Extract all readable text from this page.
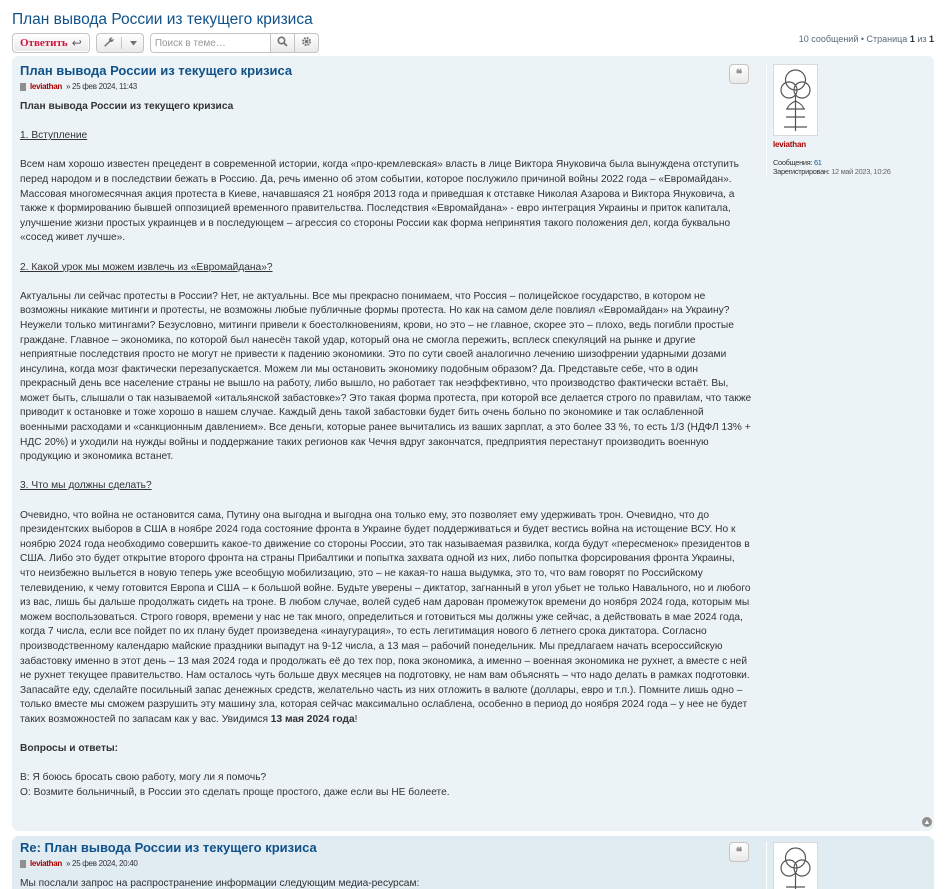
План вывода России из текущего кризиса
Ответить ↩
Поиск в теме…	10 сообщений • Страница 1 из 1
План вывода России из текущего кризиса
leviathan » 25 фев 2024, 11:43
❝

План вывода России из текущего кризиса

1. Вступление

Всем нам хорошо известен прецедент в современной истории, когда «про-кремлевская» власть в лице Виктора Януковича была вынуждена отступить перед народом и в последствии бежать в Россию. Да, речь именно об этом событии, которое послужило причиной войны 2022 года – «Евромайдан». Массовая многомесячная акция протеста в Киеве, начавшаяся 21 ноября 2013 года и приведшая к отставке Николая Азарова и Виктора Януковича, а также к формированию бывшей оппозицией временного правительства. Последствия «Евромайдана» - евро интеграция Украины и приток капитала, улучшение жизни простых украинцев и в последующем – агрессия со стороны России как форма непринятия такого положения дел, когда буквально «сосед живет лучше».

2. Какой урок мы можем извлечь из «Евромайдана»?

Актуальны ли сейчас протесты в России? Нет, не актуальны. Все мы прекрасно понимаем, что Россия – полицейское государство, в котором не возможны никакие митинги и протесты, не возможны любые публичные формы протеста. Но как на самом деле повлиял «Евромайдан» на Украину? Неужели только митингами? Безусловно, митинги привели к боестолкновениям, крови, но это – не главное, скорее это – плохо, ведь погибли простые граждане. Главное – экономика, по которой был нанесён такой удар, который она не смогла пережить, всплеск спекуляций на рынке и другие неприятные последствия просто не могут не привести к падению экономики. Это по сути своей аналогично лечению шизофрении ударными дозами инсулина, когда мозг фактически перезапускается. Можем ли мы остановить экономику подобным образом? Да. Представьте себе, что в один прекрасный день все население страны не вышло на работу, либо вышло, но работает так неэффективно, что производство фактически встаёт. Вы, может быть, слышали о так называемой «итальянской забастовке»? Это такая форма протеста, при которой все делается строго по правилам, что также приводит к остановке и тоже хорошо в нашем случае. Каждый день такой забастовки будет бить очень больно по экономике и так ослабленной военными расходами и «санкционным давлением». Все деньги, которые ранее вычитались из ваших зарплат, а это более 33 %, то есть 1/3 (НДФЛ 13% + НДС 20%) и уходили на нужды войны и поддержание таких регионов как Чечня вдруг закончатся, предприятия перестанут производить военную продукцию и экономика встанет.

3. Что мы должны сделать?

Очевидно, что война не остановится сама, Путину она выгодна и выгодна она только ему, это позволяет ему удерживать трон. Очевидно, что до президентских выборов в США в ноябре 2024 года состояние фронта в Украине будет поддерживаться и будет вестись война на истощение ВСУ. Но к ноябрю 2024 года необходимо совершить какое-то движение со стороны России, это так называемая развилка, когда будут «пересменок» президентов в США. Либо это будет открытие второго фронта на страны Прибалтики и попытка захвата одной из них, либо попытка форсирования фронта Украины, что неизбежно выльется в новую теперь уже всеобщую мобилизацию, это – не какая-то наша выдумка, это то, что вам говорят по Российскому телевидению, к чему готовится Европа и США – к большой войне. Будьте уверены – диктатор, загнанный в угол убьет не только Навального, но и любого из вас, лишь бы дальше продолжать сидеть на троне. В любом случае, волей судеб нам дарован промежуток времени до ноября 2024 года, которым мы можем воспользоваться. Строго говоря, времени у нас не так много, определиться и готовиться мы должны уже сейчас, а действовать в мае 2024 года, когда 7 числа, если все пойдет по их плану будет произведена «инаугурация», то есть легитимация нового 6 летнего срока диктатора. Согласно производственному календарю майские праздники выпадут на 9-12 числа, а 13 мая – рабочий понедельник. Мы предлагаем начать всероссийскую забастовку именно в этот день – 13 мая 2024 года и продолжать её до тех пор, пока экономика, а именно – военная экономика не рухнет, а вместе с ней не рухнет текущее правительство. Нам осталось чуть больше двух месяцев на подготовку, не нам вам объяснять – что надо делать в рамках подготовки. Запасайте еду, сделайте посильный запас денежных средств, желательно часть из них отложить в валюте (доллары, евро и т.п.). Помните лишь одно – только вместе мы сможем разрушить эту машину зла, которая сейчас максимально ослаблена, особенно в период до ноября 2024 года – у нее не будет таких возможностей по запасам как у вас. Увидимся 13 мая 2024 года!

Вопросы и ответы:

В: Я боюсь бросать свою работу, могу ли я помочь?
О: Возмите больничный, в России это сделать проще простого, даже если вы НЕ болеете.
leviathan
Сообщения: 61
Зарегистрирован: 12 май 2023, 10:26
▲
Re: План вывода России из текущего кризиса
leviathan » 25 фев 2024, 20:40
❝

Мы послали запрос на распространение информации следующим медиа-ресурсам:
